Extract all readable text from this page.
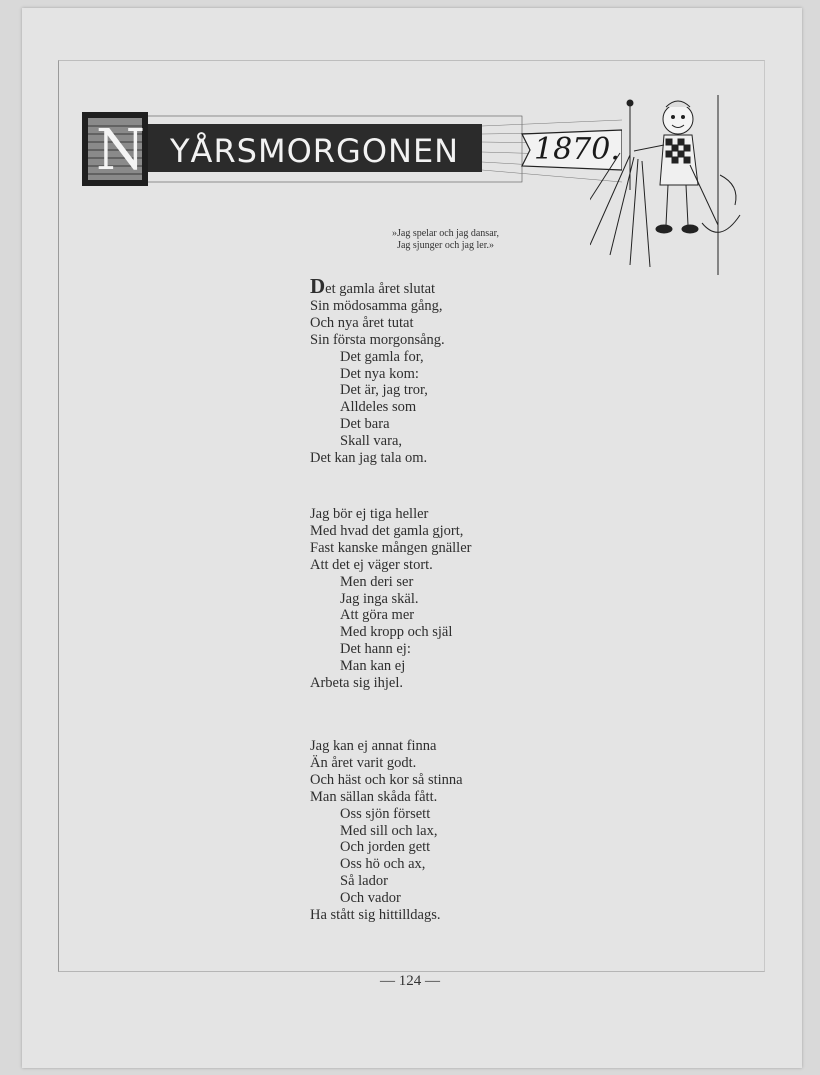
N YÅRSMORGONEN 1870.
»Jag spelar och jag dansar,
Jag sjunger och jag ler.»
Det gamla året slutat
Sin mödosamma gång,
Och nya året tutat
Sin första morgonsång.
Det gamla for,
Det nya kom:
Det är, jag tror,
Alldeles som
Det bara
Skall vara,
Det kan jag tala om.
Jag bör ej tiga heller
Med hvad det gamla gjort,
Fast kanske mången gnäller
Att det ej väger stort.
Men deri ser
Jag inga skäl.
Att göra mer
Med kropp och själ
Det hann ej:
Man kan ej
Arbeta sig ihjel.
Jag kan ej annat finna
Än året varit godt.
Och häst och kor så stinna
Man sällan skåda fått.
Oss sjön försett
Med sill och lax,
Och jorden gett
Oss hö och ax,
Så lador
Och vador
Ha stått sig hittilldags.
— 124 —
